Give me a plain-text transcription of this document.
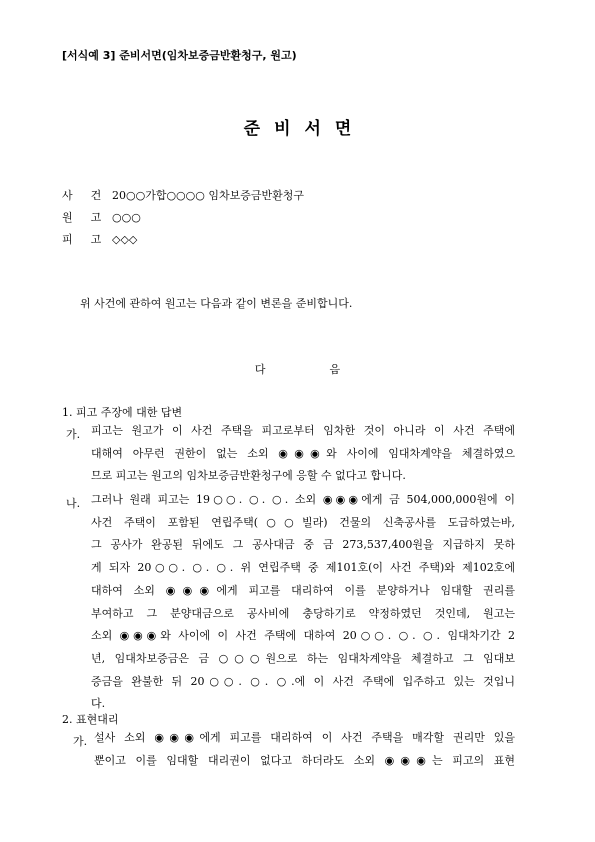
[서식예 3] 준비서면(임차보증금반환청구, 원고)
준비서면
사건20○○가합○○○○ 임차보증금반환청구
원고○○○
피고◇◇◇
위 사건에 관하여 원고는 다음과 같이 변론을 준비합니다.
다	음
1. 피고 주장에 대한 답변
가. 피고는 원고가 이 사건 주택을 피고로부터 임차한 것이 아니라 이 사건 주택에
대해여 아무런 권한이 없는 소외 ◉◉◉와 사이에 임대차계약을 체결하였으
므로 피고는 원고의 임차보증금반환청구에 응할 수 없다고 합니다.
나. 그러나 원래 피고는 19○○. ○. ○. 소외 ◉◉◉에게 금 504,000,000원에 이
사건 주택이 포함된 연립주택(○○빌라) 건물의 신축공사를 도급하였는바,
그 공사가 완공된 뒤에도 그 공사대금 중 금 273,537,400원을 지급하지 못하
게 되자 20○○. ○. ○. 위 연립주택 중 제101호(이 사건 주택)와 제102호에
대하여 소외 ◉◉◉에게 피고를 대리하여 이를 분양하거나 임대할 권리를
부여하고 그 분양대금으로 공사비에 충당하기로 약정하였던 것인데, 원고는
소외 ◉◉◉와 사이에 이 사건 주택에 대하여 20○○. ○. ○. 임대차기간 2
년, 임대차보증금은 금 ○○○원으로 하는 임대차계약을 체결하고 그 임대보
증금을 완불한 뒤 20○○. ○. ○.에 이 사건 주택에 입주하고 있는 것입니
다.
2. 표현대리
가. 설사 소외 ◉◉◉에게 피고를 대리하여 이 사건 주택을 매각할 권리만 있을
뿐이고 이를 임대할 대리권이 없다고 하더라도 소외 ◉◉◉는 피고의 표현
